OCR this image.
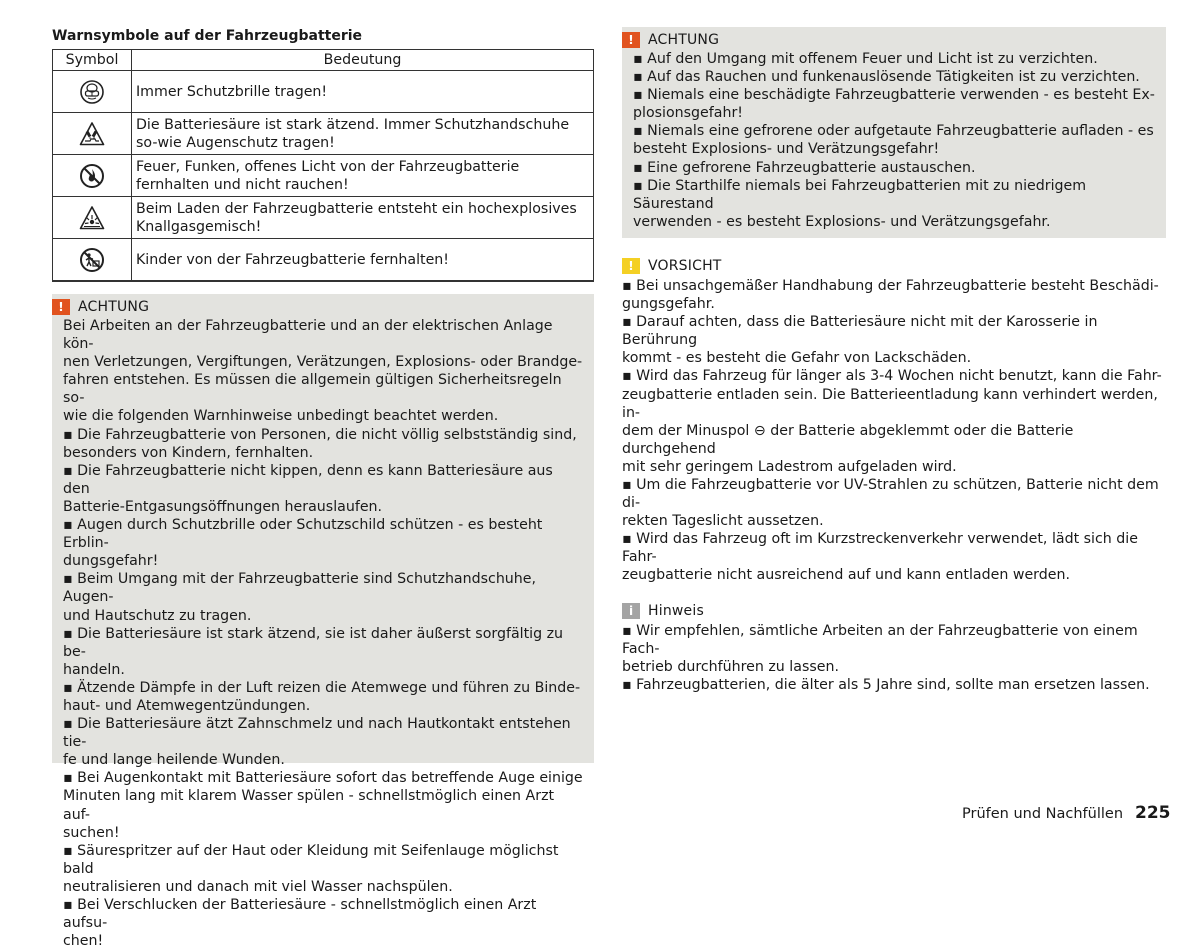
Warnsymbole auf der Fahrzeugbatterie
Symbol	Bedeutung
	Immer Schutzbrille tragen!
	Die Batteriesäure ist stark ätzend. Immer Schutzhandschuhe so-wie Augenschutz tragen!
	Feuer, Funken, offenes Licht von der Fahrzeugbatterie fernhalten und nicht rauchen!
	Beim Laden der Fahrzeugbatterie entsteht ein hochexplosives Knallgasgemisch!
	Kinder von der Fahrzeugbatterie fernhalten!
!	ACHTUNG

Bei Arbeiten an der Fahrzeugbatterie und an der elektrischen Anlage kön-

nen Verletzungen, Vergiftungen, Verätzungen, Explosions- oder Brandge-

fahren entstehen. Es müssen die allgemein gültigen Sicherheitsregeln so-

wie die folgenden Warnhinweise unbedingt beachtet werden.

▪ Die Fahrzeugbatterie von Personen, die nicht völlig selbstständig sind,

besonders von Kindern, fernhalten.

▪ Die Fahrzeugbatterie nicht kippen, denn es kann Batteriesäure aus den

Batterie-Entgasungsöffnungen herauslaufen.

▪ Augen durch Schutzbrille oder Schutzschild schützen - es besteht Erblin-

dungsgefahr!

▪ Beim Umgang mit der Fahrzeugbatterie sind Schutzhandschuhe, Augen-

und Hautschutz zu tragen.

▪ Die Batteriesäure ist stark ätzend, sie ist daher äußerst sorgfältig zu be-

handeln.

▪ Ätzende Dämpfe in der Luft reizen die Atemwege und führen zu Binde-

haut- und Atemwegentzündungen.

▪ Die Batteriesäure ätzt Zahnschmelz und nach Hautkontakt entstehen tie-

fe und lange heilende Wunden.

▪ Bei Augenkontakt mit Batteriesäure sofort das betreffende Auge einige

Minuten lang mit klarem Wasser spülen - schnellstmöglich einen Arzt auf-

suchen!

▪ Säurespritzer auf der Haut oder Kleidung mit Seifenlauge möglichst bald

neutralisieren und danach mit viel Wasser nachspülen.

▪ Bei Verschlucken der Batteriesäure - schnellstmöglich einen Arzt aufsu-

chen!

!	ACHTUNG

▪ Auf den Umgang mit offenem Feuer und Licht ist zu verzichten.

▪ Auf das Rauchen und funkenauslösende Tätigkeiten ist zu verzichten.

▪ Niemals eine beschädigte Fahrzeugbatterie verwenden - es besteht Ex-

plosionsgefahr!

▪ Niemals eine gefrorene oder aufgetaute Fahrzeugbatterie aufladen - es

besteht Explosions- und Verätzungsgefahr!

▪ Eine gefrorene Fahrzeugbatterie austauschen.

▪ Die Starthilfe niemals bei Fahrzeugbatterien mit zu niedrigem Säurestand

verwenden - es besteht Explosions- und Verätzungsgefahr.

!	VORSICHT

▪ Bei unsachgemäßer Handhabung der Fahrzeugbatterie besteht Beschädi-

gungsgefahr.

▪ Darauf achten, dass die Batteriesäure nicht mit der Karosserie in Berührung

kommt - es besteht die Gefahr von Lackschäden.

▪ Wird das Fahrzeug für länger als 3-4 Wochen nicht benutzt, kann die Fahr-

zeugbatterie entladen sein. Die Batterieentladung kann verhindert werden, in-

dem der Minuspol ⊖ der Batterie abgeklemmt oder die Batterie durchgehend

mit sehr geringem Ladestrom aufgeladen wird.

▪ Um die Fahrzeugbatterie vor UV-Strahlen zu schützen, Batterie nicht dem di-

rekten Tageslicht aussetzen.

▪ Wird das Fahrzeug oft im Kurzstreckenverkehr verwendet, lädt sich die Fahr-

zeugbatterie nicht ausreichend auf und kann entladen werden.

i	Hinweis

▪ Wir empfehlen, sämtliche Arbeiten an der Fahrzeugbatterie von einem Fach-

betrieb durchführen zu lassen.

▪ Fahrzeugbatterien, die älter als 5 Jahre sind, sollte man ersetzen lassen.

Prüfen und Nachfüllen 225
